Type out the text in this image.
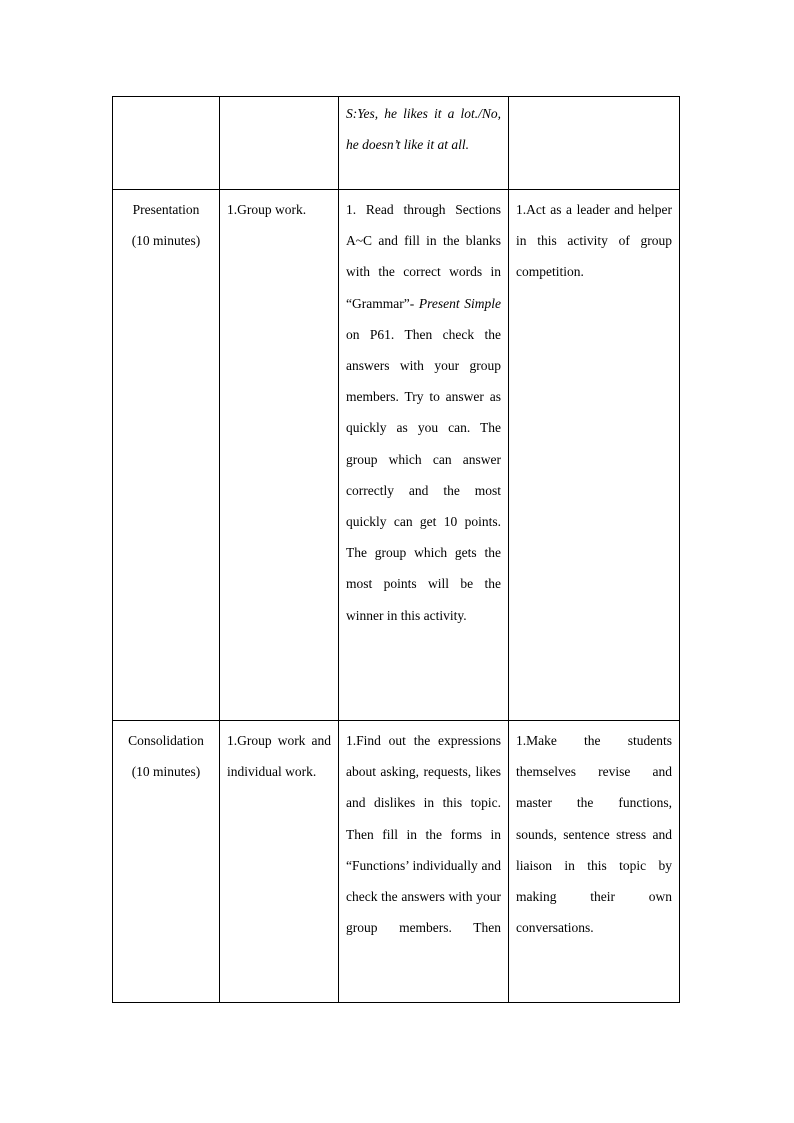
		S:Yes, he likes it a lot./No, he doesn’t like it at all.	

Presentation
(10 minutes)	1.Group work.	1. Read through Sections A~C and fill in the blanks with the correct words in “Grammar”- Present Simple on P61. Then check the answers with your group members. Try to answer as quickly as you can. The group which can answer correctly and the most quickly can get 10 points. The group which gets the most points will be the winner in this activity.	1.Act as a leader and helper in this activity of group competition.

Consolidation
(10 minutes)	1.Group work and individual work.	1.Find out the expressions about asking, requests, likes and dislikes in this topic. Then fill in the forms in “Functions’ individually and check the answers with your group members. Then	1.Make the students themselves revise and master the functions, sounds, sentence stress and liaison in this topic by making their own conversations.
